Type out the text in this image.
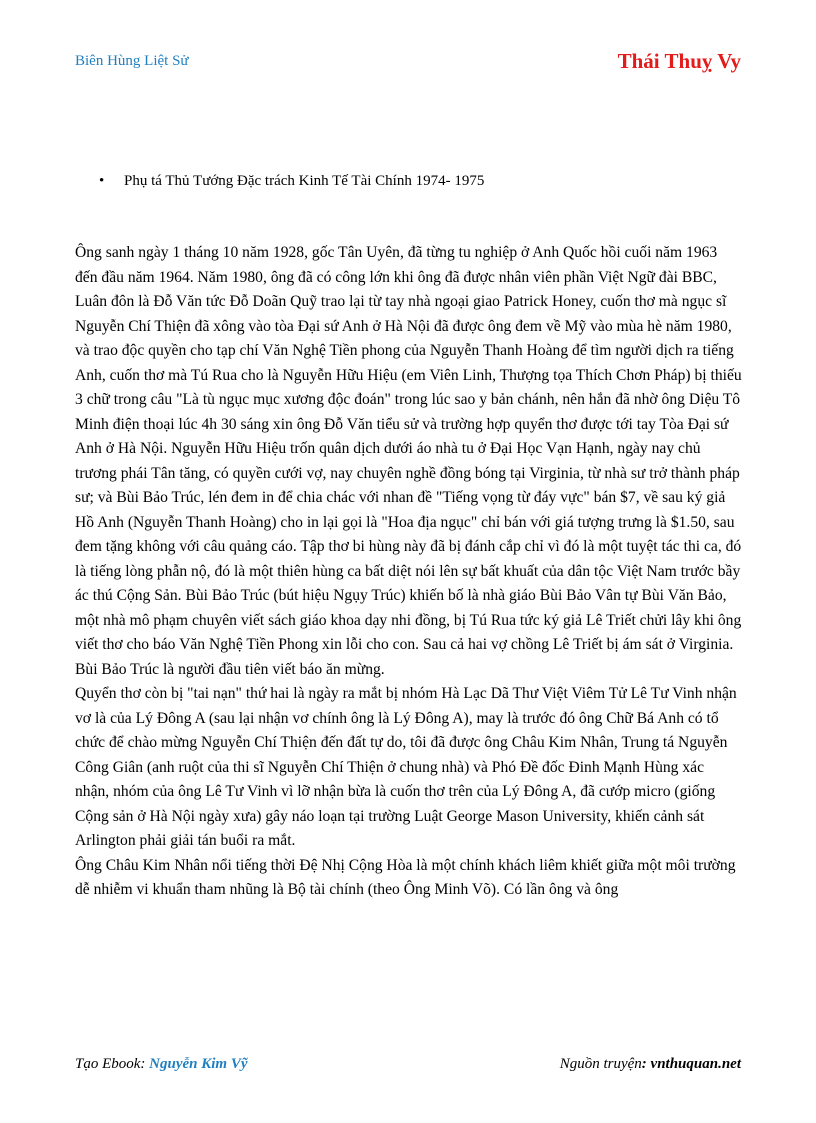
Biên Hùng Liệt Sử	Thái Thuỵ Vy
• Phụ tá Thủ Tướng Đặc trách Kinh Tế Tài Chính 1974- 1975

Ông sanh ngày 1 tháng 10 năm 1928, gốc Tân Uyên, đã từng tu nghiệp ở Anh Quốc hồi cuối năm 1963 đến đầu năm 1964. Năm 1980, ông đã có công lớn khi ông đã được nhân viên phần Việt Ngữ đài BBC, Luân đôn là Đỗ Văn tức Đỗ Doãn Quỹ trao lại từ tay nhà ngoại giao Patrick Honey, cuốn thơ mà ngục sĩ Nguyễn Chí Thiện đã xông vào tòa Đại sứ Anh ở Hà Nội đã được ông đem về Mỹ vào mùa hè năm 1980, và trao độc quyền cho tạp chí Văn Nghệ Tiền phong của Nguyễn Thanh Hoàng để tìm người dịch ra tiếng Anh, cuốn thơ mà Tú Rua cho là Nguyễn Hữu Hiệu (em Viên Linh, Thượng tọa Thích Chơn Pháp) bị thiếu 3 chữ trong câu "Là tù ngục mục xương độc đoán" trong lúc sao y bản chánh, nên hắn đã nhờ ông Diệu Tô Minh điện thoại lúc 4h 30 sáng xin ông Đỗ Văn tiểu sử và trường hợp quyển thơ được tới tay Tòa Đại sứ Anh ở Hà Nội. Nguyễn Hữu Hiệu trốn quân dịch dưới áo nhà tu ở Đại Học Vạn Hạnh, ngày nay chủ trương phái Tân tăng, có quyền cưới vợ, nay chuyên nghề đồng bóng tại Virginia, từ nhà sư trở thành pháp sư; và Bùi Bảo Trúc, lén đem in để chia chác với nhan đề "Tiếng vọng từ đáy vực" bán $7, về sau ký giả Hồ Anh (Nguyễn Thanh Hoàng) cho in lại gọi là "Hoa địa ngục" chỉ bán với giá tượng trưng là $1.50, sau đem tặng không với câu quảng cáo. Tập thơ bi hùng này đã bị đánh cắp chỉ vì đó là một tuyệt tác thi ca, đó là tiếng lòng phẫn nộ, đó là một thiên hùng ca bất diệt nói lên sự bất khuất của dân tộc Việt Nam trước bầy ác thú Cộng Sản. Bùi Bảo Trúc (bút hiệu Ngụy Trúc) khiến bố là nhà giáo Bùi Bảo Vân tự Bùi Văn Bảo, một nhà mô phạm chuyên viết sách giáo khoa dạy nhi đồng, bị Tú Rua tức ký giả Lê Triết chửi lây khi ông viết thơ cho báo Văn Nghệ Tiền Phong xin lỗi cho con. Sau cả hai vợ chồng Lê Triết bị ám sát ở Virginia. Bùi Bảo Trúc là người đầu tiên viết báo ăn mừng.

Quyển thơ còn bị "tai nạn" thứ hai là ngày ra mắt bị nhóm Hà Lạc Dã Thư Việt Viêm Tử Lê Tư Vinh nhận vơ là của Lý Đông A (sau lại nhận vơ chính ông là Lý Đông A), may là trước đó ông Chữ Bá Anh có tổ chức để chào mừng Nguyễn Chí Thiện đến đất tự do, tôi đã được ông Châu Kim Nhân, Trung tá Nguyễn Công Giân (anh ruột của thi sĩ Nguyễn Chí Thiện ở chung nhà) và Phó Đề đốc Đinh Mạnh Hùng xác nhận, nhóm của ông Lê Tư Vinh vì lỡ nhận bừa là cuốn thơ trên của Lý Đông A, đã cướp micro (giống Cộng sản ở Hà Nội ngày xưa) gây náo loạn tại trường Luật George Mason University, khiến cảnh sát Arlington phải giải tán buổi ra mắt.

Ông Châu Kim Nhân nổi tiếng thời Đệ Nhị Cộng Hòa là một chính khách liêm khiết giữa một môi trường dễ nhiễm vi khuẩn tham nhũng là Bộ tài chính (theo Ông Minh Võ). Có lần ông và ông

Tạo Ebook: Nguyễn Kim Vỹ	Nguồn truyện: vnthuquan.net
